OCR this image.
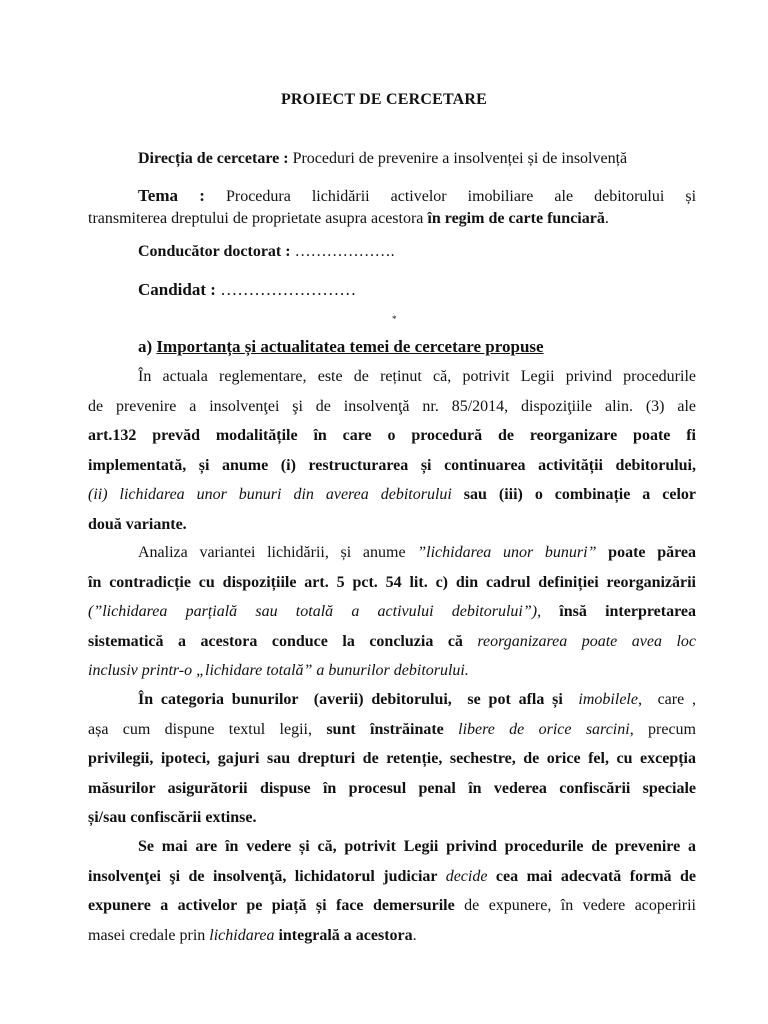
PROIECT DE CERCETARE
Direcția de cercetare : Proceduri de prevenire a insolvenței și de insolvență
Tema : Procedura lichidării activelor imobiliare ale debitorului și
transmiterea dreptului de proprietate asupra acestora în regim de carte funciară.
Conducător doctorat : ……………….
Candidat : ……………………
*
a) Importanța și actualitatea temei de cercetare propuse
În actuala reglementare, este de reținut că, potrivit Legii privind procedurile
de prevenire a insolvenţei şi de insolvenţă nr. 85/2014, dispoziţiile alin. (3) ale
art.132 prevăd modalitățile în care o procedură de reorganizare poate fi
implementată, și anume (i) restructurarea și continuarea activității debitorului,
(ii) lichidarea unor bunuri din averea debitorului sau (iii) o combinație a celor
două variante.
Analiza variantei lichidării, și anume ”lichidarea unor bunuri” poate părea
în contradicție cu dispozițiile art. 5 pct. 54 lit. c) din cadrul definiției reorganizării
(”lichidarea parțială sau totală a activului debitorului”), însă interpretarea
sistematică a acestora conduce la concluzia că reorganizarea poate avea loc
inclusiv printr-o „lichidare totală” a bunurilor debitorului.
În categoria bunurilor  (averii) debitorului,  se pot afla și  imobilele,  care ,
așa cum dispune textul legii, sunt înstrăinate libere de orice sarcini, precum
privilegii, ipoteci, gajuri sau drepturi de retenție, sechestre, de orice fel, cu excepția
măsurilor asigurătorii dispuse în procesul penal în vederea confiscării speciale
și/sau confiscării extinse.
Se mai are în vedere și că, potrivit Legii privind procedurile de prevenire a
insolvenţei şi de insolvenţă, lichidatorul judiciar decide cea mai adecvată formă de
expunere a activelor pe piață și face demersurile de expunere, în vedere acoperirii
masei credale prin lichidarea integrală a acestora.
